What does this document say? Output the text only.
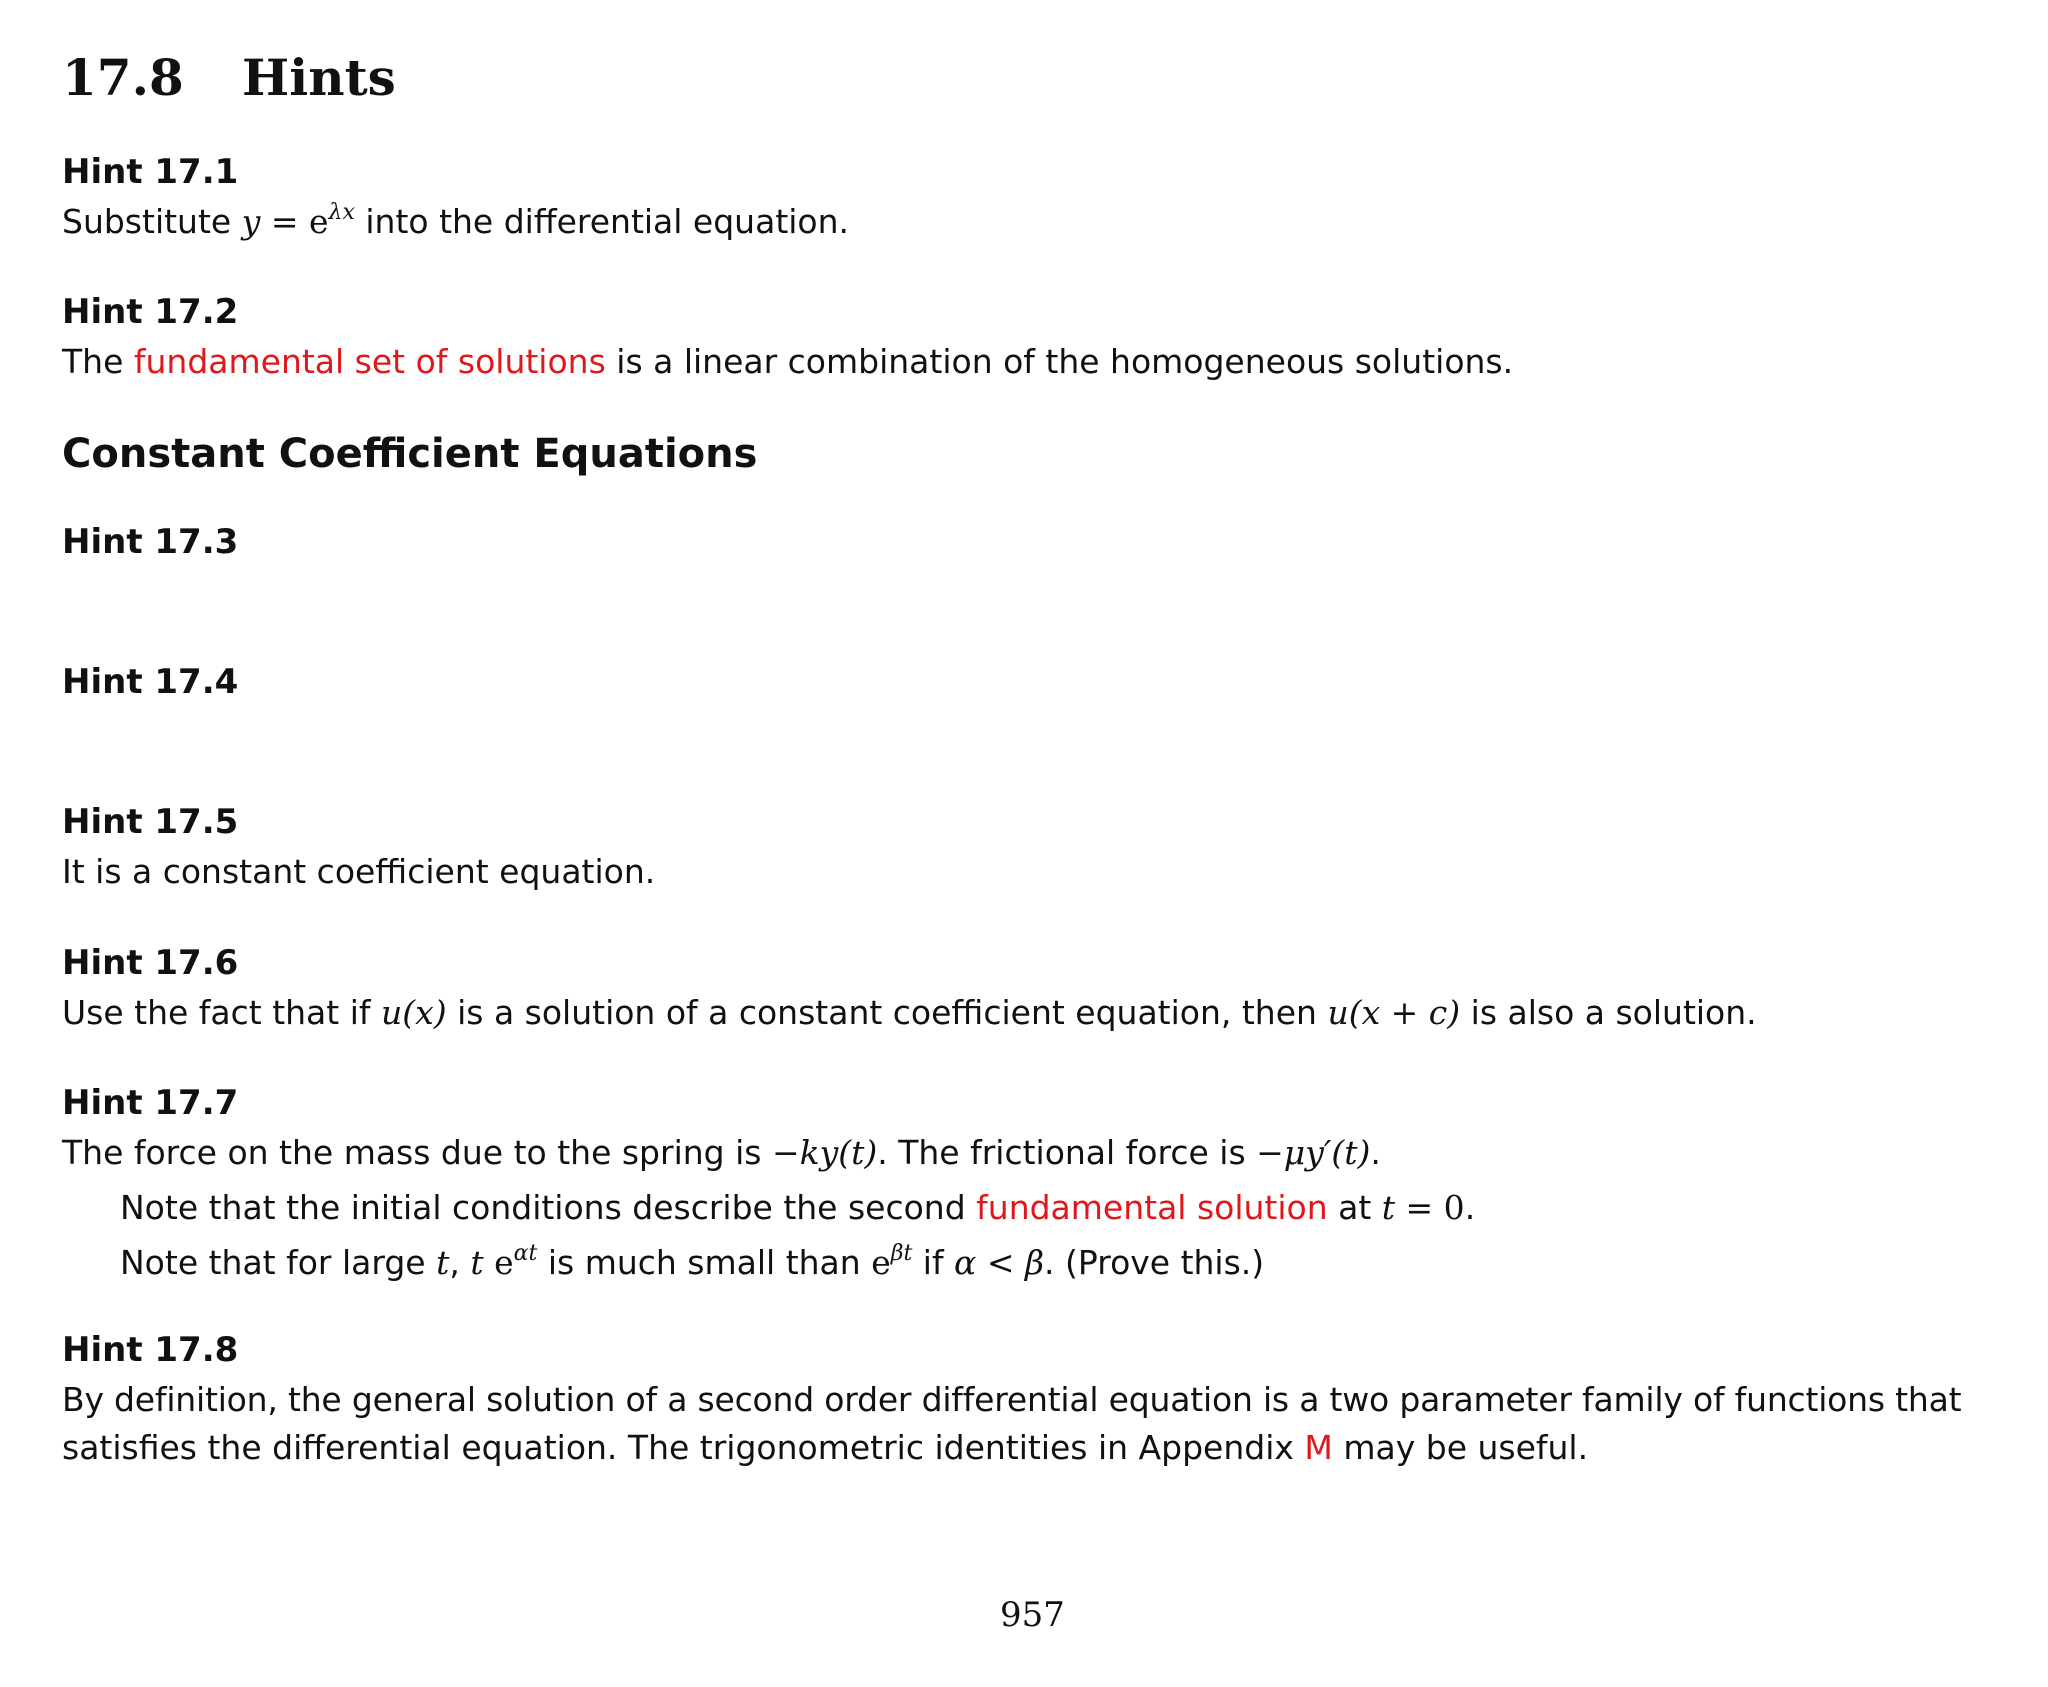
17.8 Hints
Hint 17.1
Substitute $y = e^{\lambda x}$ into the differential equation.
Hint 17.2
The fundamental set of solutions is a linear combination of the homogeneous solutions.
Constant Coefficient Equations
Hint 17.3
Hint 17.4
Hint 17.5
It is a constant coefficient equation.
Hint 17.6
Use the fact that if u(x) is a solution of a constant coefficient equation, then u(x + c) is also a solution.
Hint 17.7
The force on the mass due to the spring is −ky(t). The frictional force is −μy′(t).
Note that the initial conditions describe the second fundamental solution at t = 0.
Note that for large t, t $e^{\alpha t}$ is much small than $e^{\beta t}$ if α < β. (Prove this.)
Hint 17.8
By definition, the general solution of a second order differential equation is a two parameter family of functions that
satisfies the differential equation. The trigonometric identities in Appendix M may be useful.
957
